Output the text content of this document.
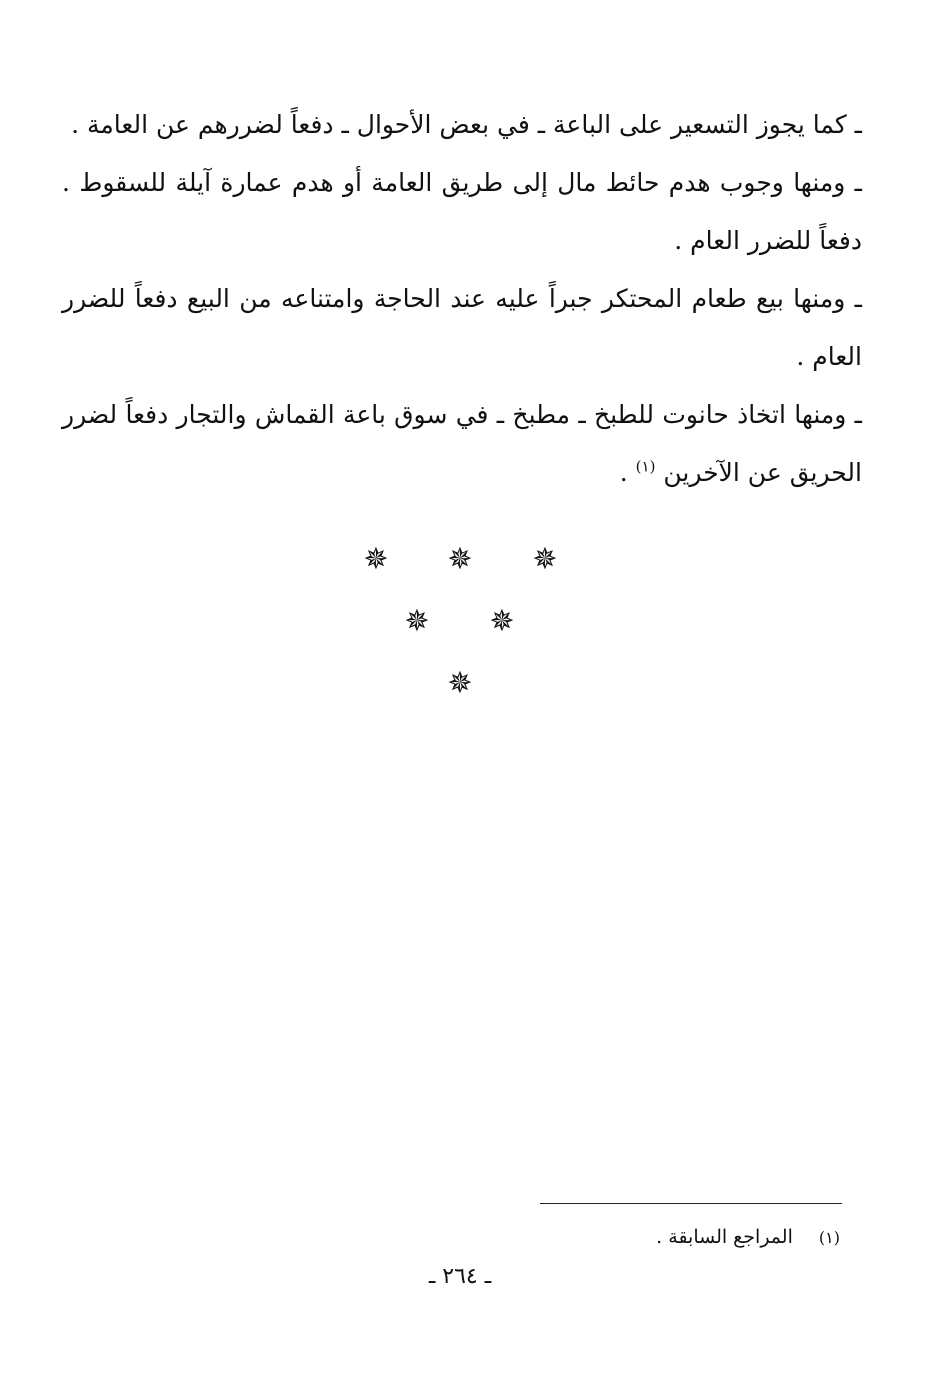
ـ كما يجوز التسعير على الباعة ـ في بعض الأحوال ـ دفعاً لضررهم عن العامة .

ـ ومنها وجوب هدم حائط مال إلى طريق العامة أو هدم عمارة آيلة للسقوط . دفعاً للضرر العام .

ـ ومنها بيع طعام المحتكر جبراً عليه عند الحاجة وامتناعه من البيع دفعاً للضرر العام .

ـ ومنها اتخاذ حانوت للطبخ ـ مطبخ ـ في سوق باعة القماش والتجار دفعاً لضرر الحريق عن الآخرين $^{(١)}$ .

✵ ✵ ✵
✵ ✵
✵
(١) المراجع السابقة .
ـ ٢٦٤ ـ
